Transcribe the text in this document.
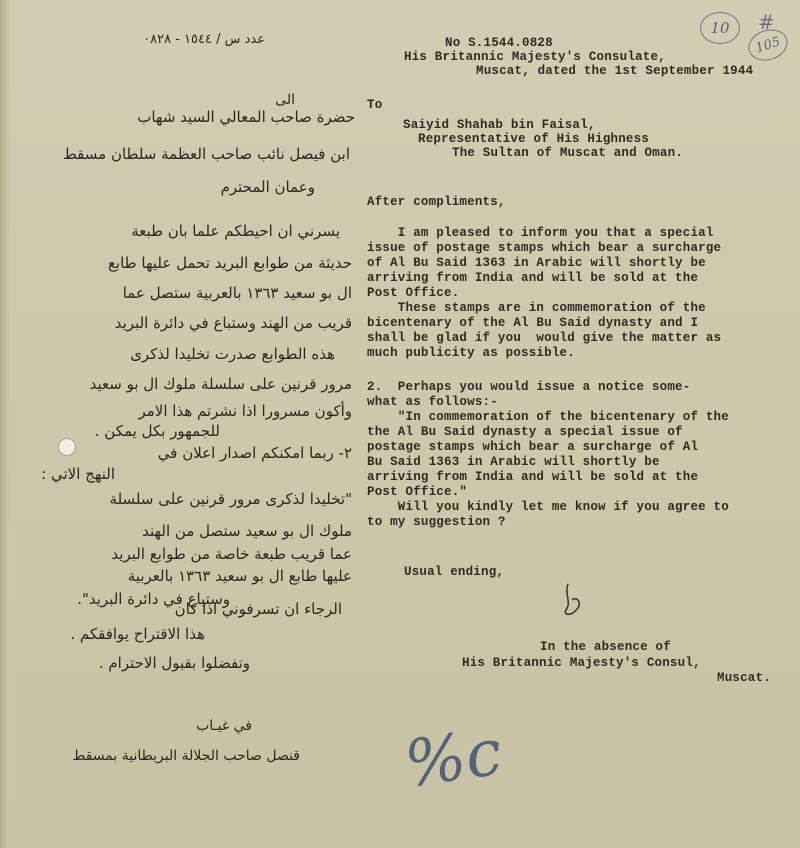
10
105
#
عدد س / ١٥٤٤ - ٠٨٢٨
الى
حضرة صاحب المعالي السيد شهاب
ابن فيصل نائب صاحب العظمة سلطان مسقط
وعمان المحترم
يسرني ان احيطكم علما بان طبعة
حديثة من طوابع البريد تحمل عليها طابع
ال بو سعيد ١٣٦٣ بالعربية ستصل عما
قريب من الهند وستباع في دائرة البريد
هذه الطوابع صدرت تخليدا لذكرى
مرور قرنين على سلسلة ملوك ال بو سعيد
وأكون مسرورا اذا نشرتم هذا الامر
للجمهور بكل يمكن .
٢- ربما امكنكم اصدار اعلان في
النهج الاتي :
"تخليدا لذكرى مرور قرنين على سلسلة
ملوك ال بو سعيد ستصل من الهند
عما قريب طبعة خاصة من طوابع البريد
عليها طابع ال بو سعيد ١٣٦٣ بالعربية
وستباع في دائرة البريد".
الرجاء ان تسرفوني اذا كان
هذا الاقتراح يوافقكم .
وتفضلوا بقبول الاحترام .
في غيـاب
قنصل صاحب الجلالة البريطانية بمسقط
No S.1544.0828
His Britannic Majesty's Consulate,
Muscat, dated the 1st September 1944
To
Saiyid Shahab bin Faisal,
Representative of His Highness
The Sultan of Muscat and Oman.
After compliments,
I am pleased to inform you that a special
issue of postage stamps which bear a surcharge
of Al Bu Said 1363 in Arabic will shortly be
arriving from India and will be sold at the
Post Office.
These stamps are in commemoration of the
bicentenary of the Al Bu Said dynasty and I
shall be glad if you  would give the matter as
much publicity as possible.
2.  Perhaps you would issue a notice some-
what as follows:-
"In commemoration of the bicentenary of the
the Al Bu Said dynasty a special issue of
postage stamps which bear a surcharge of Al
Bu Said 1363 in Arabic will shortly be
arriving from India and will be sold at the
Post Office."
Will you kindly let me know if you agree to
to my suggestion ?
Usual ending,
In the absence of
His Britannic Majesty's Consul,
Muscat.
%c
